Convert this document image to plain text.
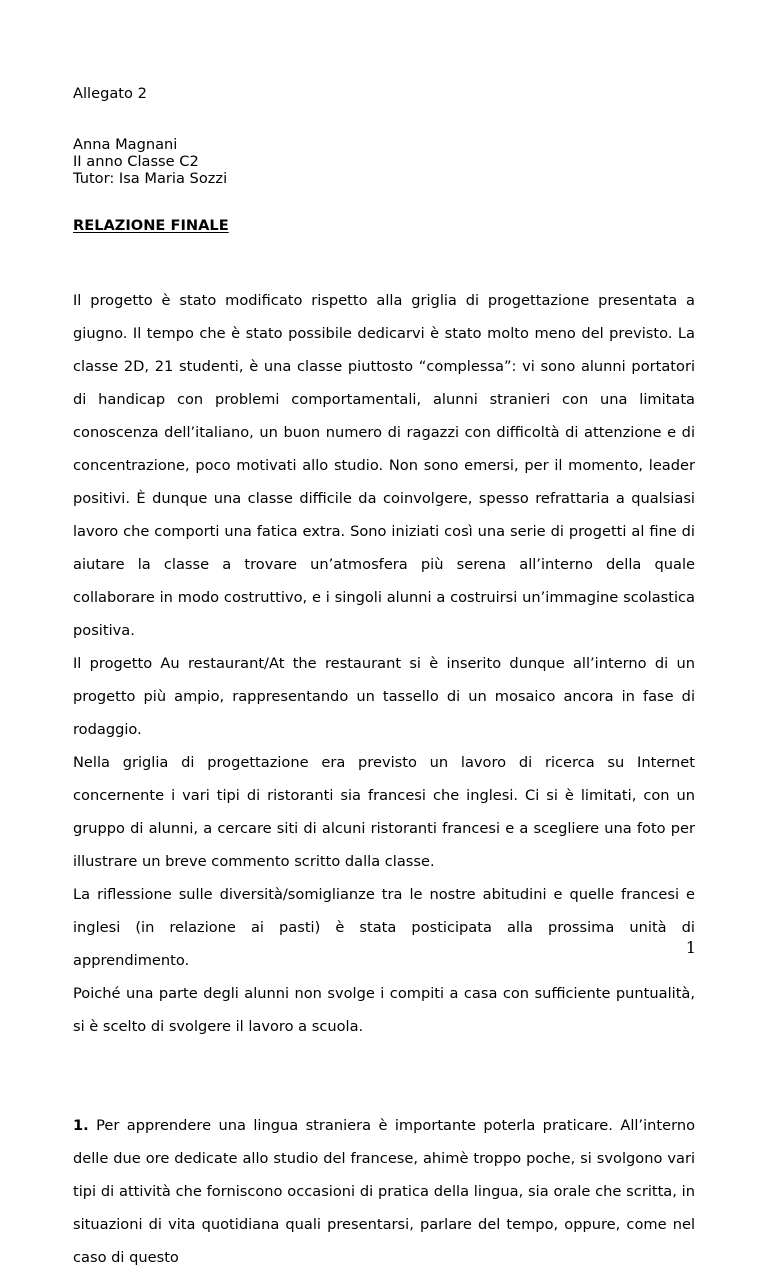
Allegato 2
Anna Magnani
II anno Classe C2
Tutor: Isa Maria Sozzi
RELAZIONE FINALE

Il progetto è stato modificato rispetto alla griglia di progettazione presentata a giugno. Il tempo che è stato possibile dedicarvi è stato molto meno del previsto. La classe 2D, 21 studenti, è una classe piuttosto “complessa”: vi sono alunni portatori di handicap con problemi comportamentali, alunni stranieri con una limitata conoscenza dell’italiano, un buon numero di ragazzi con difficoltà di attenzione e di concentrazione, poco motivati allo studio. Non sono emersi, per il momento, leader positivi. È dunque una classe difficile da coinvolgere, spesso refrattaria a qualsiasi lavoro che comporti una fatica extra. Sono iniziati così una serie di progetti al fine di aiutare la classe a trovare un’atmosfera più serena all’interno della quale collaborare in modo costruttivo, e i singoli alunni a costruirsi un’immagine scolastica positiva.

Il progetto Au restaurant/At the restaurant si è inserito dunque all’interno di un progetto più ampio, rappresentando un tassello di un mosaico ancora in fase di rodaggio.

Nella griglia di progettazione era previsto un lavoro di ricerca su Internet concernente i vari tipi di ristoranti sia francesi che inglesi. Ci si è limitati, con un gruppo di alunni, a cercare siti di alcuni ristoranti francesi e a scegliere una foto per illustrare un breve commento scritto dalla classe.

La riflessione sulle diversità/somiglianze tra le nostre abitudini e quelle francesi e inglesi (in relazione ai pasti) è stata posticipata alla prossima unità di apprendimento.

Poiché una parte degli alunni non svolge i compiti a casa con sufficiente puntualità, si è scelto di svolgere il lavoro a scuola.

1. Per apprendere una lingua straniera è importante poterla praticare. All’interno delle due ore dedicate allo studio del francese, ahimè troppo poche, si svolgono vari tipi di attività che forniscono occasioni di pratica della lingua, sia orale che scritta, in situazioni di vita quotidiana quali presentarsi, parlare del tempo, oppure, come nel caso di questo

1
